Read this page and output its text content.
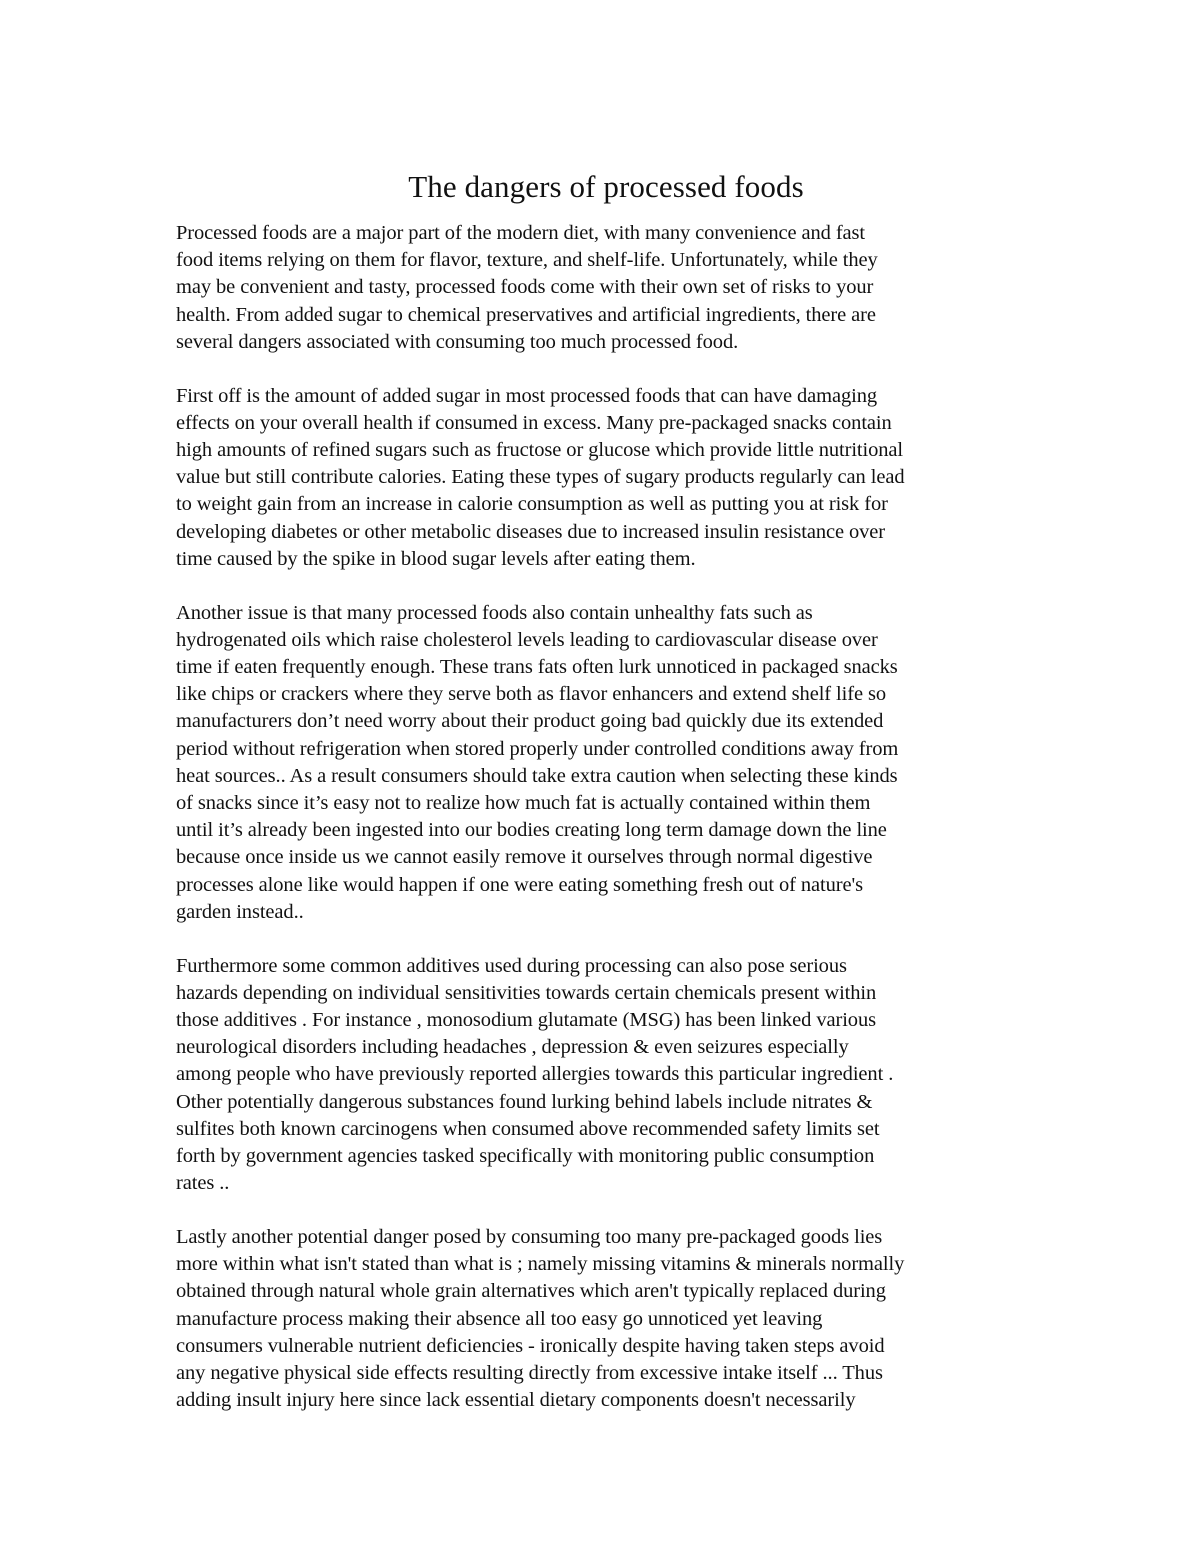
The dangers of processed foods

Processed foods are a major part of the modern diet, with many convenience and fast
food items relying on them for flavor, texture, and shelf-life. Unfortunately, while they
may be convenient and tasty, processed foods come with their own set of risks to your
health. From added sugar to chemical preservatives and artificial ingredients, there are
several dangers associated with consuming too much processed food.

First off is the amount of added sugar in most processed foods that can have damaging
effects on your overall health if consumed in excess. Many pre-packaged snacks contain
high amounts of refined sugars such as fructose or glucose which provide little nutritional
value but still contribute calories. Eating these types of sugary products regularly can lead
to weight gain from an increase in calorie consumption as well as putting you at risk for
developing diabetes or other metabolic diseases due to increased insulin resistance over
time caused by the spike in blood sugar levels after eating them.

Another issue is that many processed foods also contain unhealthy fats such as
hydrogenated oils which raise cholesterol levels leading to cardiovascular disease over
time if eaten frequently enough. These trans fats often lurk unnoticed in packaged snacks
like chips or crackers where they serve both as flavor enhancers and extend shelf life so
manufacturers don’t need worry about their product going bad quickly due its extended
period without refrigeration when stored properly under controlled conditions away from
heat sources.. As a result consumers should take extra caution when selecting these kinds
of snacks since it’s easy not to realize how much fat is actually contained within them
until it’s already been ingested into our bodies creating long term damage down the line
because once inside us we cannot easily remove it ourselves through normal digestive
processes alone like would happen if one were eating something fresh out of nature's
garden instead..

Furthermore some common additives used during processing can also pose serious
hazards depending on individual sensitivities towards certain chemicals present within
those additives . For instance , monosodium glutamate (MSG) has been linked various
neurological disorders including headaches , depression & even seizures especially
among people who have previously reported allergies towards this particular ingredient .
Other potentially dangerous substances found lurking behind labels include nitrates &
sulfites both known carcinogens when consumed above recommended safety limits set
forth by government agencies tasked specifically with monitoring public consumption
rates ..

Lastly another potential danger posed by consuming too many pre-packaged goods lies
more within what isn't stated than what is ; namely missing vitamins & minerals normally
obtained through natural whole grain alternatives which aren't typically replaced during
manufacture process making their absence all too easy go unnoticed yet leaving
consumers vulnerable nutrient deficiencies - ironically despite having taken steps avoid
any negative physical side effects resulting directly from excessive intake itself ... Thus
adding insult injury here since lack essential dietary components doesn't necessarily
